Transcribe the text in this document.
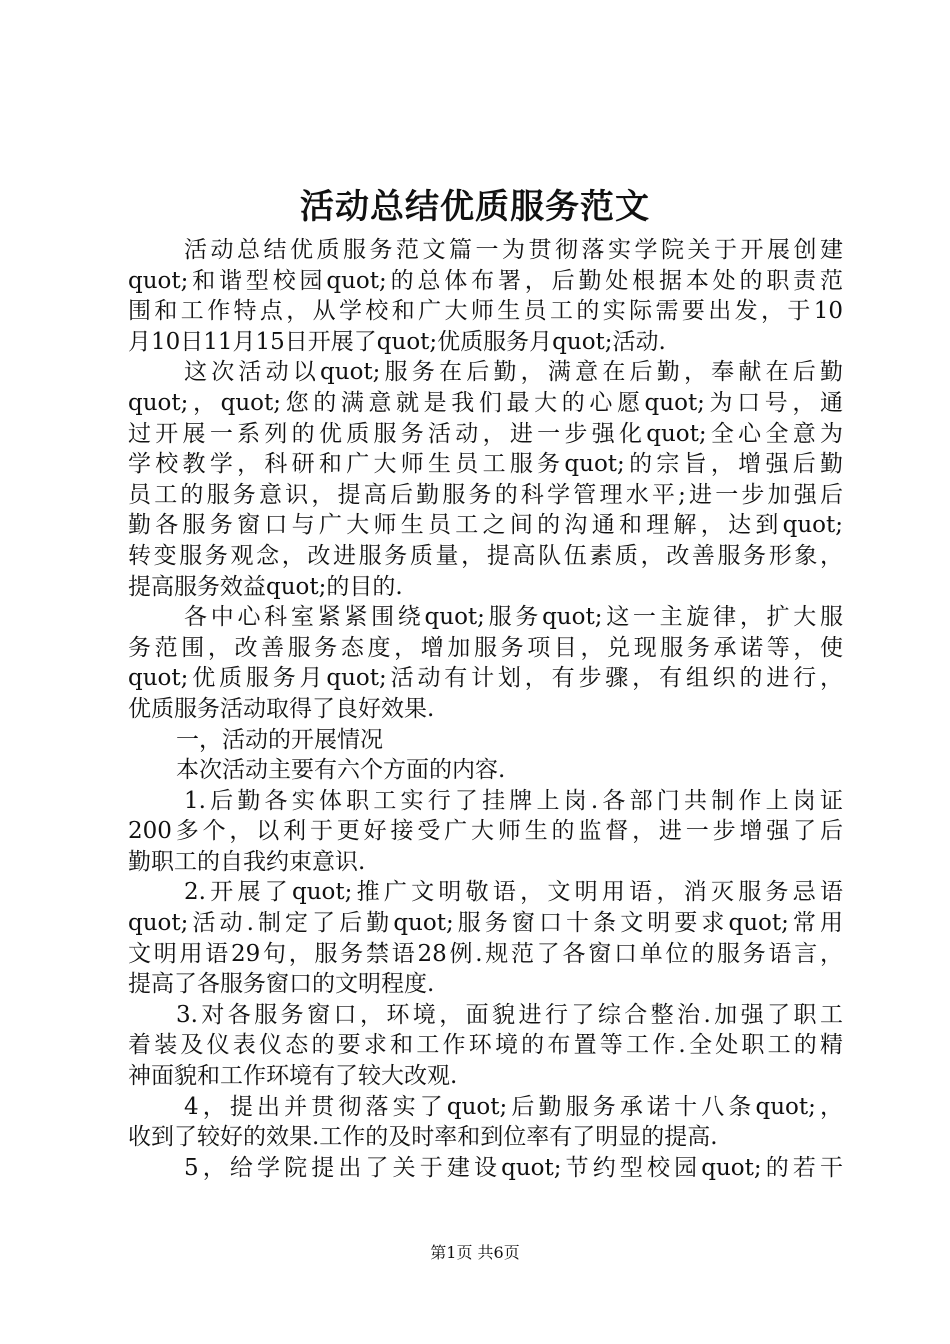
活动总结优质服务范文
活动总结优质服务范文篇一为贯彻落实学院关于开展创建
quot;和谐型校园quot;的总体布署，后勤处根据本处的职责范
围和工作特点，从学校和广大师生员工的实际需要出发，于10
月10日11月15日开展了quot;优质服务月quot;活动.
这次活动以quot;服务在后勤，满意在后勤，奉献在后勤
quot;，quot;您的满意就是我们最大的心愿quot;为口号，通
过开展一系列的优质服务活动，进一步强化quot;全心全意为
学校教学，科研和广大师生员工服务quot;的宗旨，增强后勤
员工的服务意识，提高后勤服务的科学管理水平;进一步加强后
勤各服务窗口与广大师生员工之间的沟通和理解，达到quot;
转变服务观念，改进服务质量，提高队伍素质，改善服务形象，
提高服务效益quot;的目的.
各中心科室紧紧围绕quot;服务quot;这一主旋律，扩大服
务范围，改善服务态度，增加服务项目，兑现服务承诺等，使
quot;优质服务月quot;活动有计划，有步骤，有组织的进行，
优质服务活动取得了良好效果.
一，活动的开展情况
本次活动主要有六个方面的内容.
1.后勤各实体职工实行了挂牌上岗.各部门共制作上岗证
200多个，以利于更好接受广大师生的监督，进一步增强了后
勤职工的自我约束意识.
2.开展了quot;推广文明敬语，文明用语，消灭服务忌语
quot;活动.制定了后勤quot;服务窗口十条文明要求quot;常用
文明用语29句，服务禁语28例.规范了各窗口单位的服务语言，
提高了各服务窗口的文明程度.
3.对各服务窗口，环境，面貌进行了综合整治.加强了职工
着装及仪表仪态的要求和工作环境的布置等工作.全处职工的精
神面貌和工作环境有了较大改观.
4，提出并贯彻落实了quot;后勤服务承诺十八条quot;，
收到了较好的效果.工作的及时率和到位率有了明显的提高.
5，给学院提出了关于建设quot;节约型校园quot;的若干
第1页 共6页
